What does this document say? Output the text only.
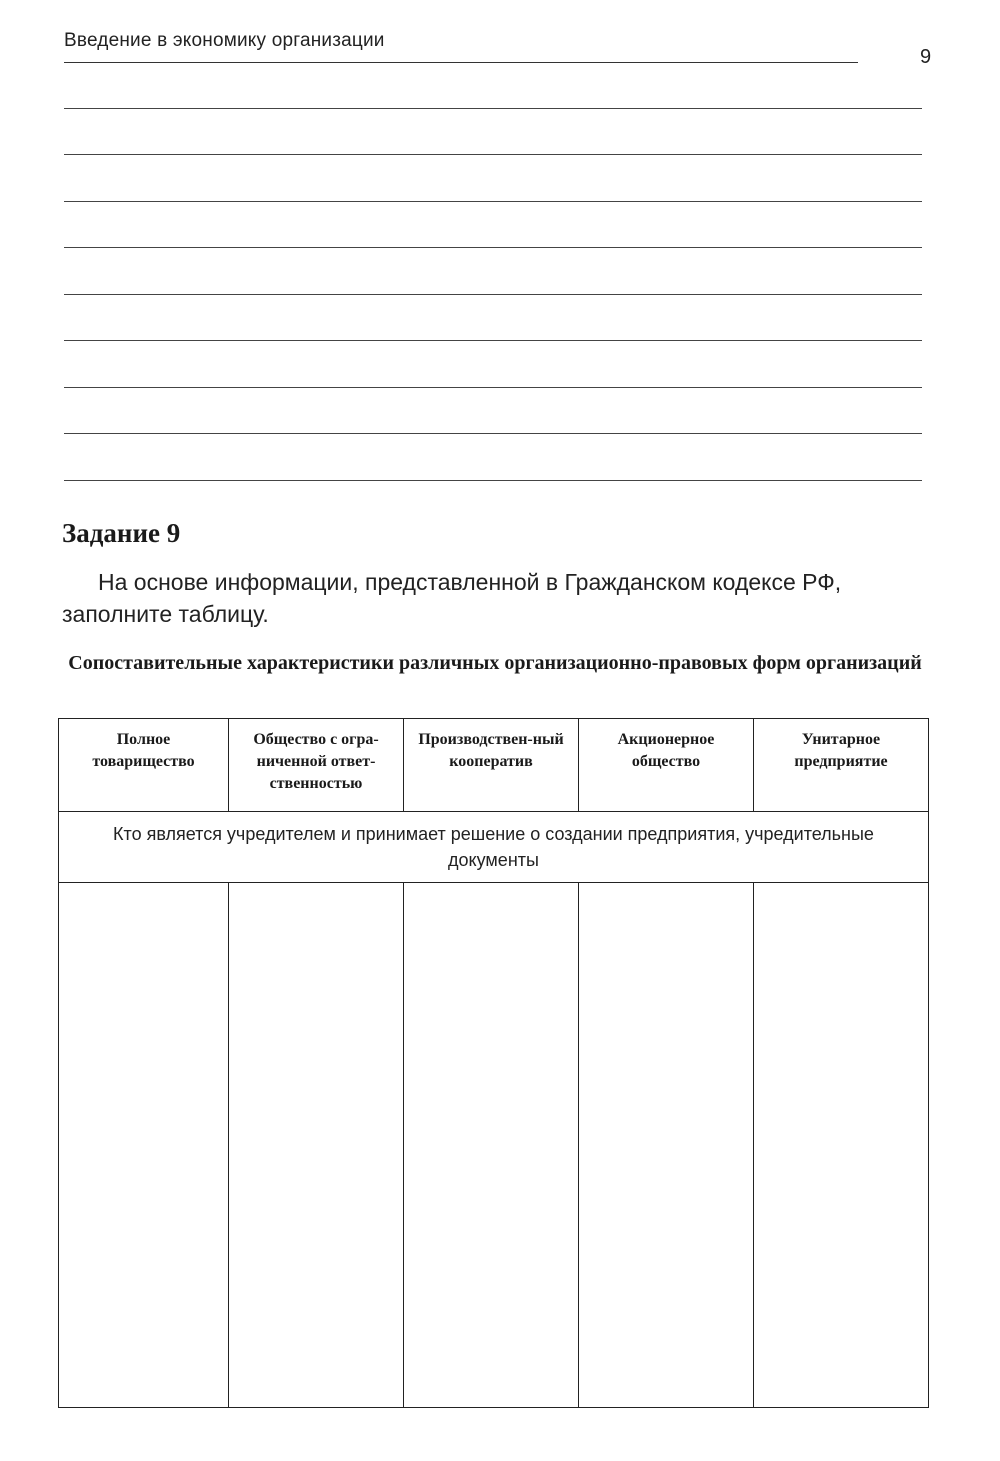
Введение в экономику организации
9
Задание 9

На основе информации, представленной в Гражданском кодексе РФ, заполните таблицу.

Сопоставительные характеристики различных организационно-правовых форм организаций

Полное товарищество	Общество с огра-ниченной ответ-ственностью	Производствен-ный кооператив	Акционерное общество	Унитарное предприятие

Кто является учредителем и принимает решение о создании предприятия, учредительные документы				
